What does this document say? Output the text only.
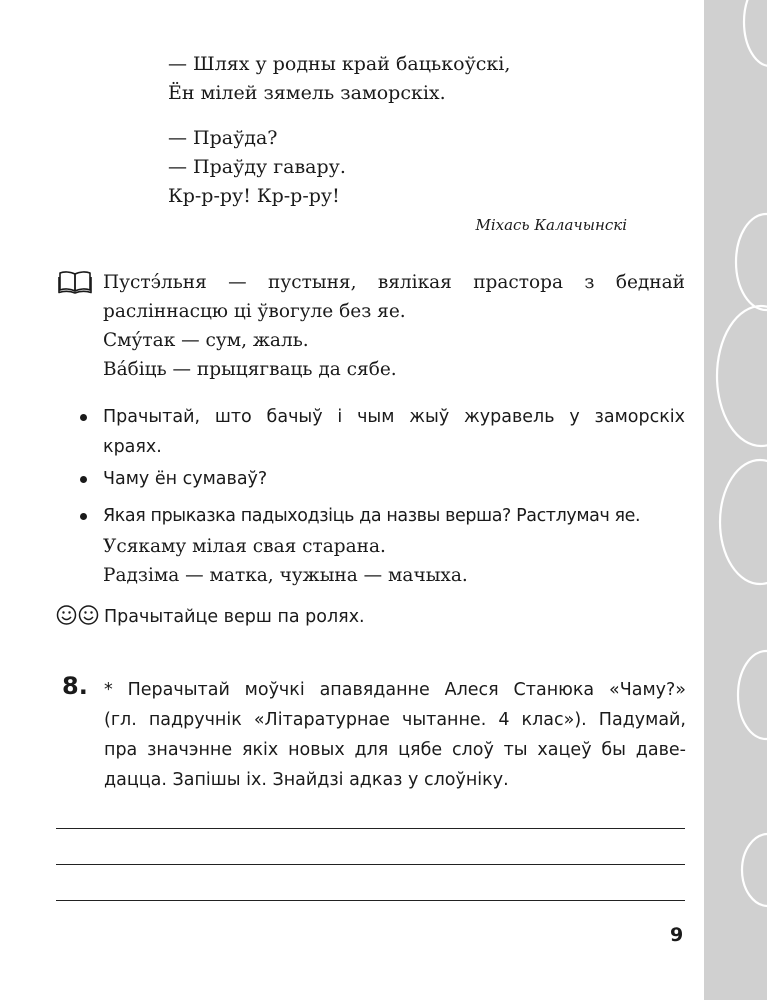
— Шлях у родны край бацькоўскі,
Ён мілей зямель заморскіх.
— Праўда?
— Праўду гавару.
Кр-р-ру! Кр-р-ру!
Міхась Калачынскі
Пустэ́льня — пустыня, вялікая прастора з беднай
расліннасцю ці ўвогуле без яе.
Сму́так — сум, жаль.
Ва́біць — прыцягваць да сябе.
Прачытай, што бачыў і чым жыў журавель у заморскіх
краях.
Чаму ён сумаваў?
Якая прыказка падыходзіць да назвы верша? Растлумач яе.
Усякаму мілая свая старана.
Радзіма — матка, чужына — мачыха.
Прачытайце верш па ролях.
8. * Перачытай моўчкі апавяданне Алеся Станюка «Чаму?»
(гл. падручнік «Літаратурнае чытанне. 4 клас»). Падумай,
пра значэнне якіх новых для цябе слоў ты хацеў бы даве-
дацца. Запішы іх. Знайдзі адказ у слоўніку.
9
